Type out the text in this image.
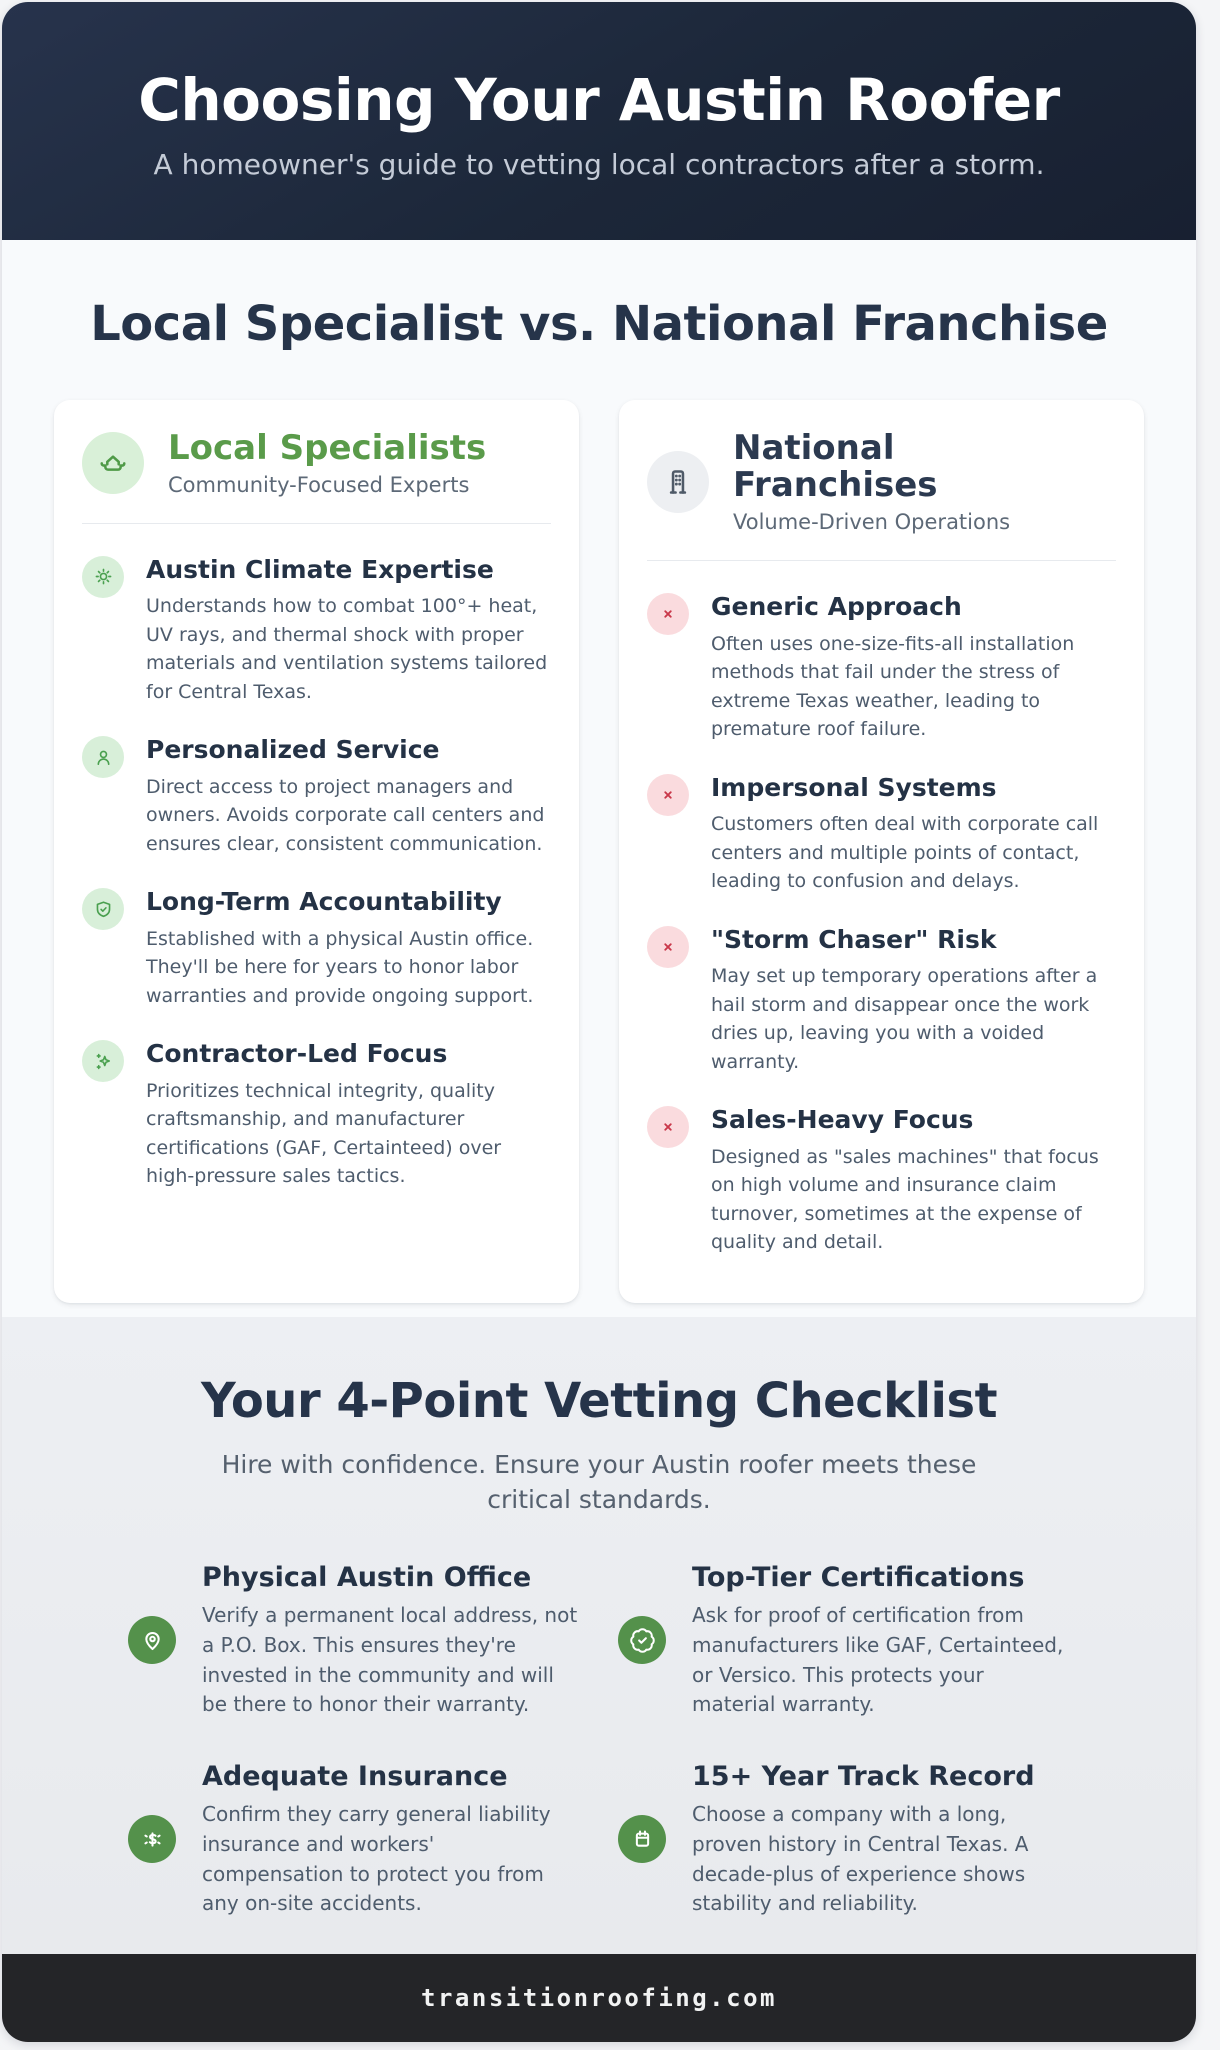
Choosing Your Austin Roofer
A homeowner's guide to vetting local contractors after a storm.
Local Specialist vs. National Franchise
Local Specialists
Community-Focused Experts
Austin Climate Expertise
Understands how to combat 100°+ heat, UV rays, and thermal shock with proper materials and ventilation systems tailored for Central Texas.
Personalized Service
Direct access to project managers and owners. Avoids corporate call centers and ensures clear, consistent communication.
Long-Term Accountability
Established with a physical Austin office. They'll be here for years to honor labor warranties and provide ongoing support.
Contractor-Led Focus
Prioritizes technical integrity, quality craftsmanship, and manufacturer certifications (GAF, Certainteed) over high-pressure sales tactics.
National Franchises
Volume-Driven Operations
Generic Approach
Often uses one-size-fits-all installation methods that fail under the stress of extreme Texas weather, leading to premature roof failure.
Impersonal Systems
Customers often deal with corporate call centers and multiple points of contact, leading to confusion and delays.
"Storm Chaser" Risk
May set up temporary operations after a hail storm and disappear once the work dries up, leaving you with a voided warranty.
Sales-Heavy Focus
Designed as "sales machines" that focus on high volume and insurance claim turnover, sometimes at the expense of quality and detail.
Your 4-Point Vetting Checklist
Hire with confidence. Ensure your Austin roofer meets these critical standards.
Physical Austin Office
Verify a permanent local address, not a P.O. Box. This ensures they're invested in the community and will be there to honor their warranty.
Top-Tier Certifications
Ask for proof of certification from manufacturers like GAF, Certainteed, or Versico. This protects your material warranty.
Adequate Insurance
Confirm they carry general liability insurance and workers' compensation to protect you from any on-site accidents.
15+ Year Track Record
Choose a company with a long, proven history in Central Texas. A decade-plus of experience shows stability and reliability.
transitionroofing.com
